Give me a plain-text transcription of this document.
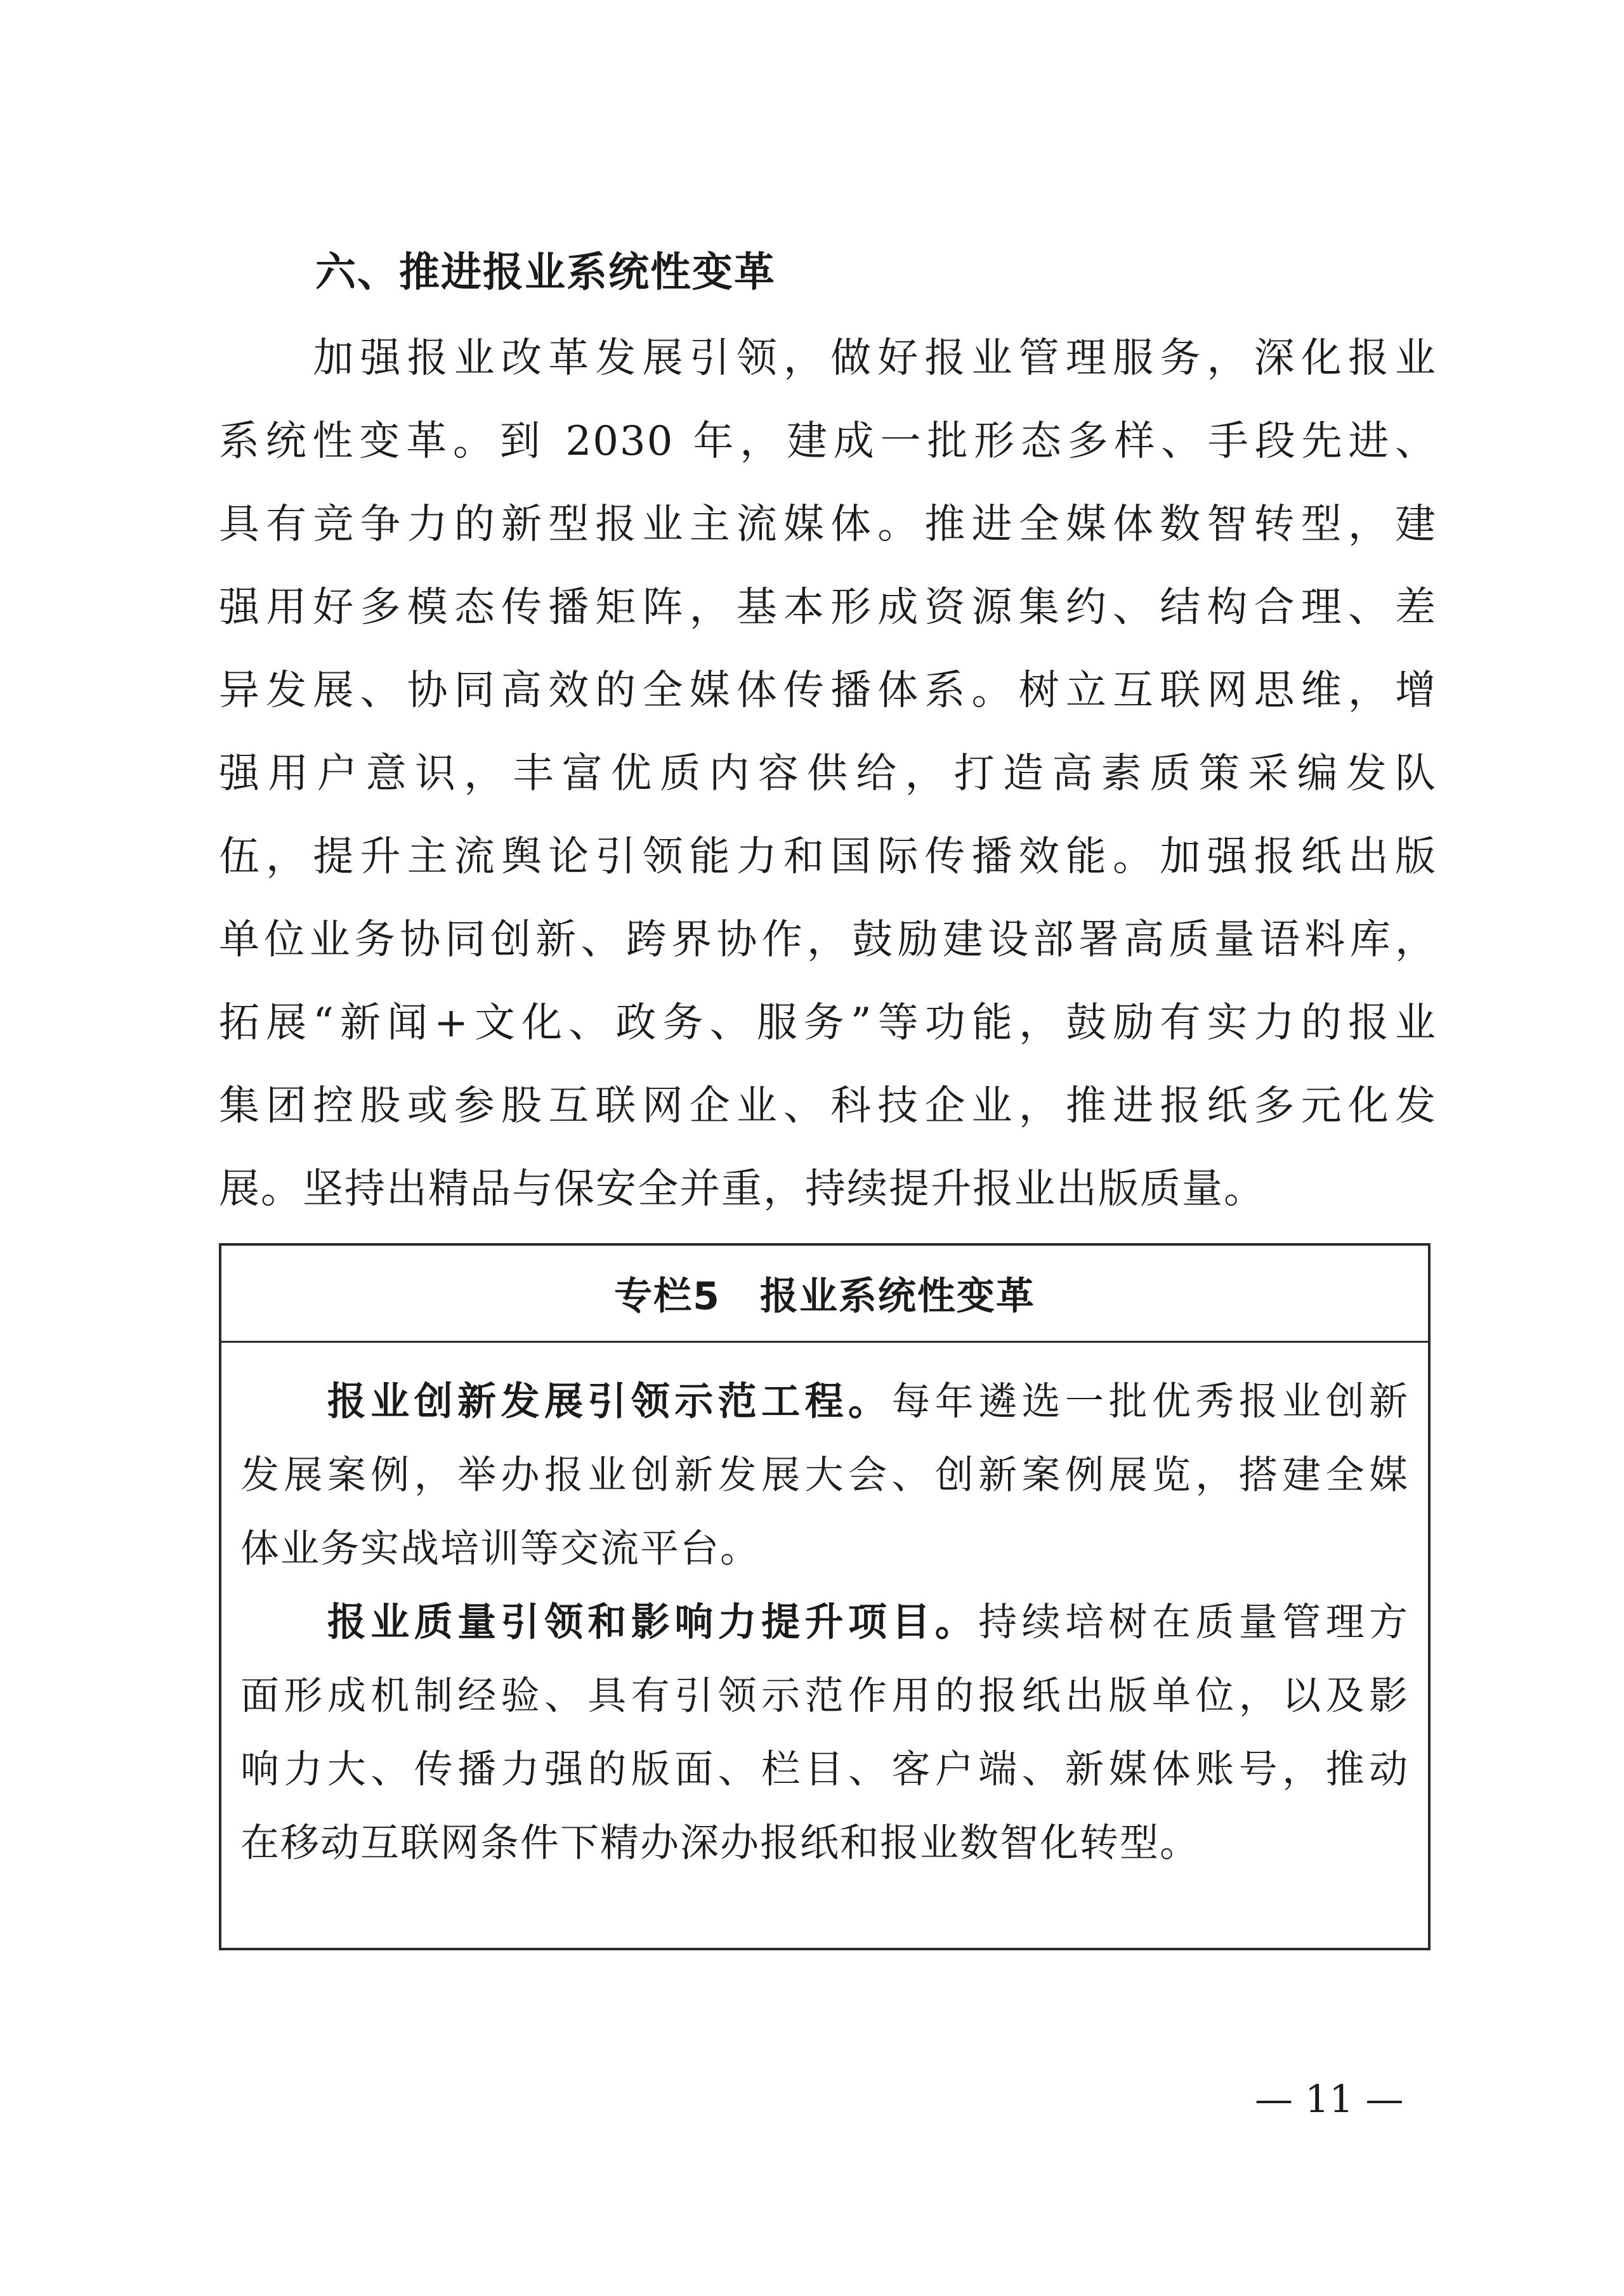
六、推进报业系统性变革
　　加强报业改革发展引领，做好报业管理服务，深化报业
系统性变革。到 2030 年，建成一批形态多样、手段先进、
具有竞争力的新型报业主流媒体。推进全媒体数智转型，建
强用好多模态传播矩阵，基本形成资源集约、结构合理、差
异发展、协同高效的全媒体传播体系。树立互联网思维，增
强用户意识，丰富优质内容供给，打造高素质策采编发队
伍，提升主流舆论引领能力和国际传播效能。加强报纸出版
单位业务协同创新、跨界协作，鼓励建设部署高质量语料库，
拓展“新闻+文化、政务、服务”等功能，鼓励有实力的报业
集团控股或参股互联网企业、科技企业，推进报纸多元化发
展。坚持出精品与保安全并重，持续提升报业出版质量。
专栏5　报业系统性变革
　　报业创新发展引领示范工程。每年遴选一批优秀报业创新
发展案例，举办报业创新发展大会、创新案例展览，搭建全媒
体业务实战培训等交流平台。
　　报业质量引领和影响力提升项目。持续培树在质量管理方
面形成机制经验、具有引领示范作用的报纸出版单位，以及影
响力大、传播力强的版面、栏目、客户端、新媒体账号，推动
在移动互联网条件下精办深办报纸和报业数智化转型。
— 11 —
